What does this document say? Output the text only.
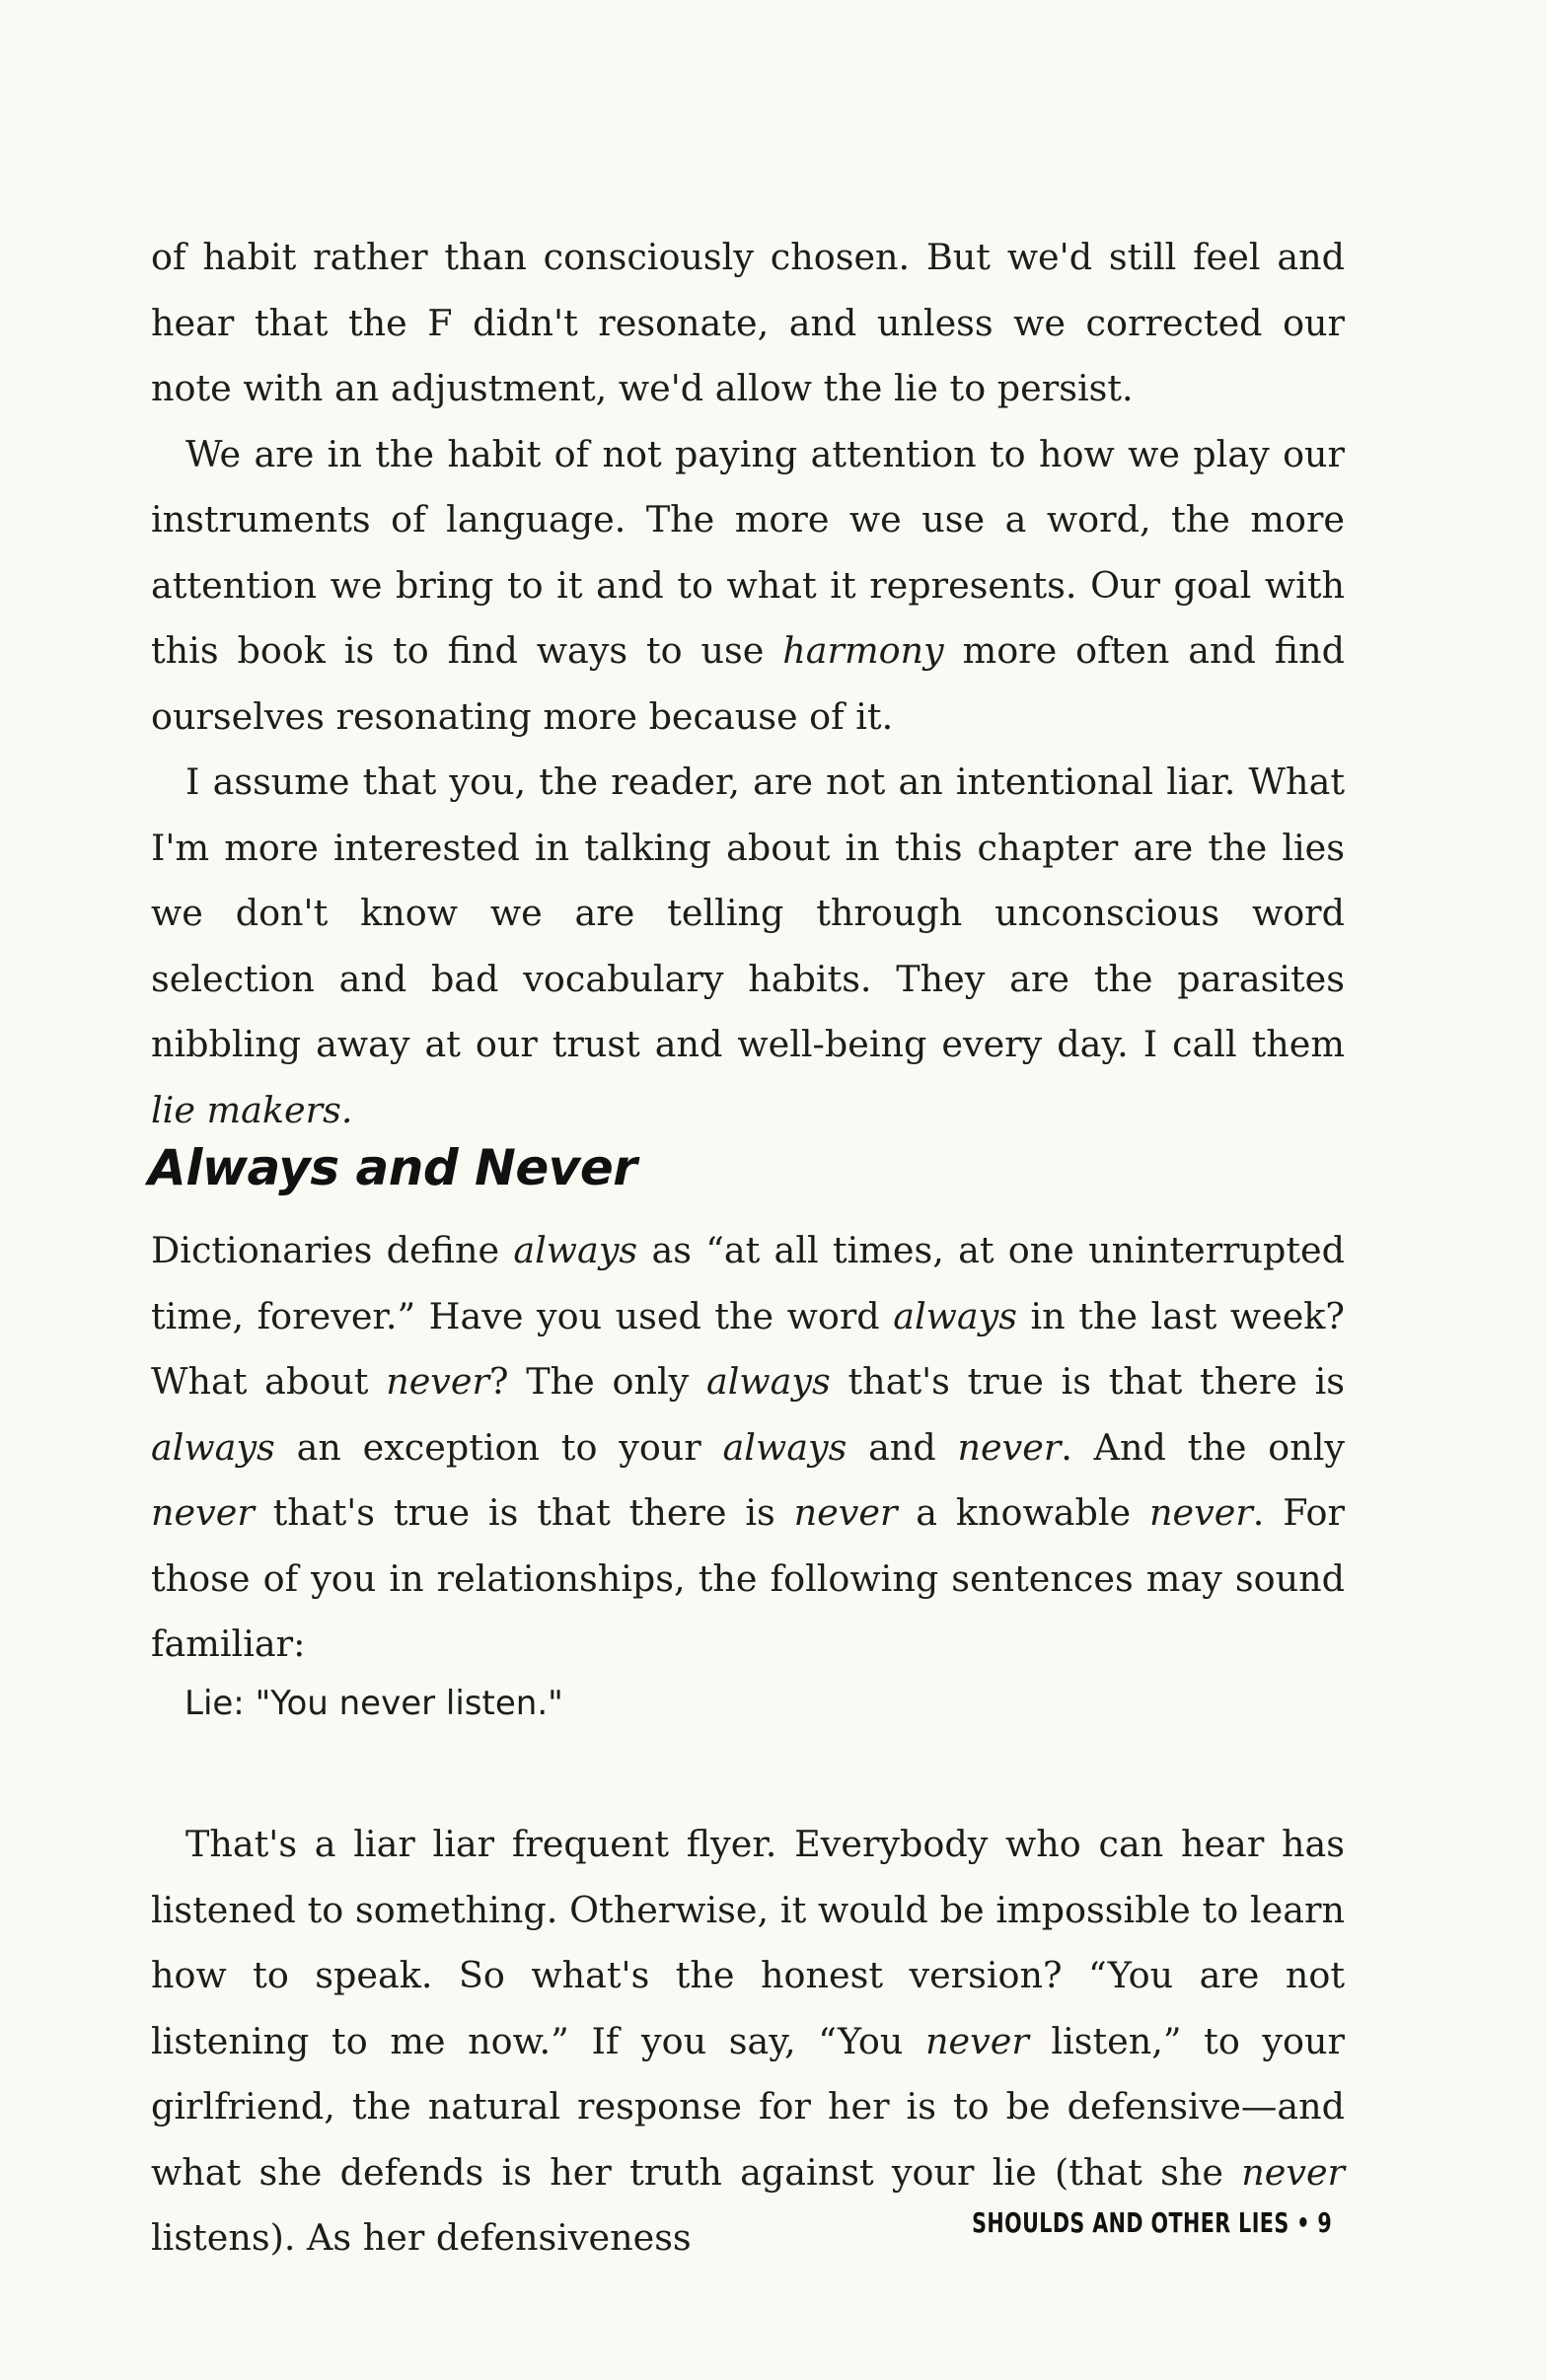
of habit rather than consciously chosen. But we'd still feel and hear that the F didn't resonate, and unless we corrected our note with an adjustment, we'd allow the lie to persist.

We are in the habit of not paying attention to how we play our instruments of language. The more we use a word, the more attention we bring to it and to what it represents. Our goal with this book is to find ways to use harmony more often and find ourselves resonating more because of it.

I assume that you, the reader, are not an intentional liar. What I'm more interested in talking about in this chapter are the lies we don't know we are telling through unconscious word selection and bad vocabulary habits. They are the parasites nibbling away at our trust and well-being every day. I call them lie makers.

Always and Never

Dictionaries define always as “at all times, at one uninterrupted time, forever.” Have you used the word always in the last week? What about never? The only always that's true is that there is always an exception to your always and never. And the only never that's true is that there is never a knowable never. For those of you in relationships, the following sentences may sound familiar:

Lie: "You never listen."

That's a liar liar frequent flyer. Everybody who can hear has listened to something. Otherwise, it would be impossible to learn how to speak. So what's the honest version? “You are not listening to me now.” If you say, “You never listen,” to your girlfriend, the natural response for her is to be defensive—and what she defends is her truth against your lie (that she never listens). As her defensiveness	SHOULDS AND OTHER LIES • 9
